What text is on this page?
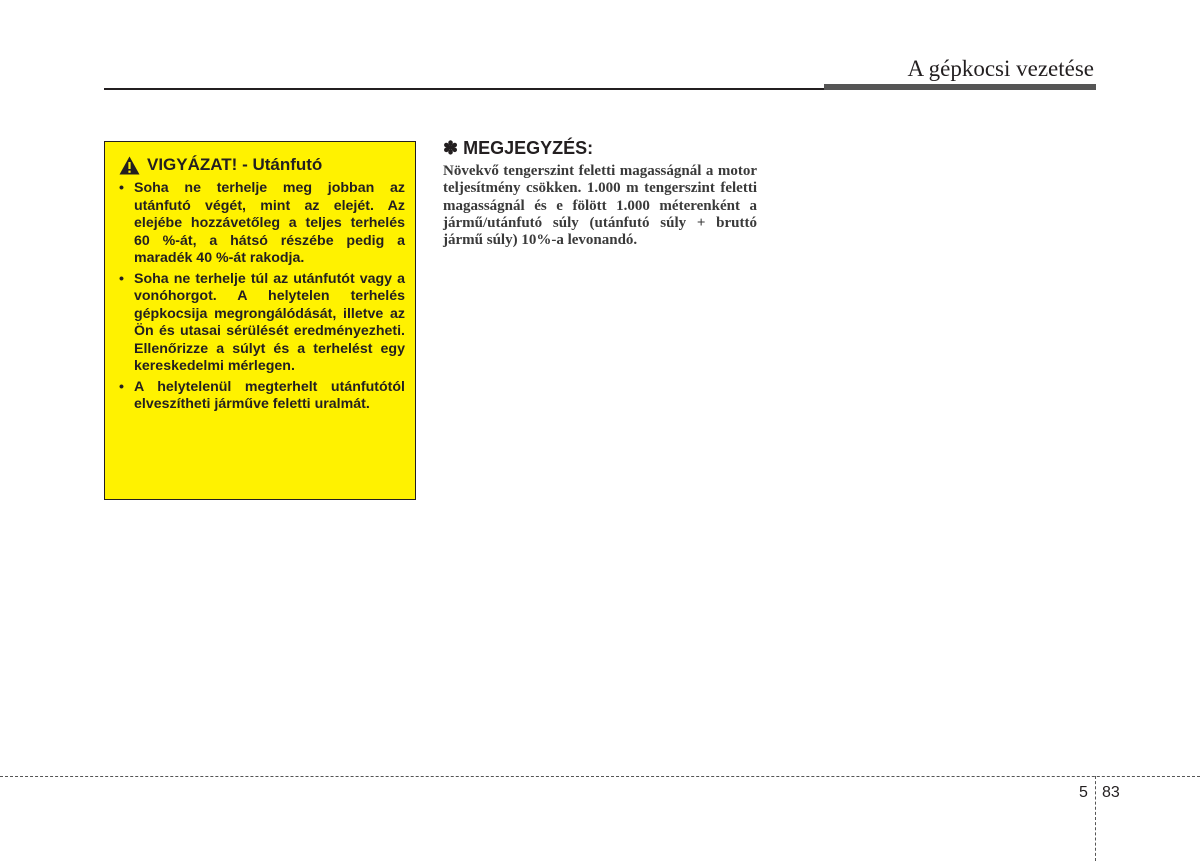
A gépkocsi vezetése
VIGYÁZAT! - Utánfutó
• Soha ne terhelje meg jobban az utánfutó végét, mint az elejét. Az elejébe hozzávetőleg a teljes terhelés 60 %-át, a hátsó részébe pedig a maradék 40 %-át rakodja.
• Soha ne terhelje túl az utánfutót vagy a vonóhorgot. A helytelen terhelés gépkocsija megrongálódását, illetve az Ön és utasai sérülését eredményezheti. Ellenőrizze a súlyt és a terhelést egy kereskedelmi mérlegen.
• A helytelenül megterhelt utánfutótól elveszítheti járműve feletti uralmát.
✽ MEGJEGYZÉS:

Növekvő tengerszint feletti magasságnál a motor teljesítmény csökken. 1.000 m tengerszint feletti magasságnál és e fölött 1.000 méterenként a jármű/utánfutó súly (utánfutó súly + bruttó jármű súly) 10%-a levonandó.

5 83
